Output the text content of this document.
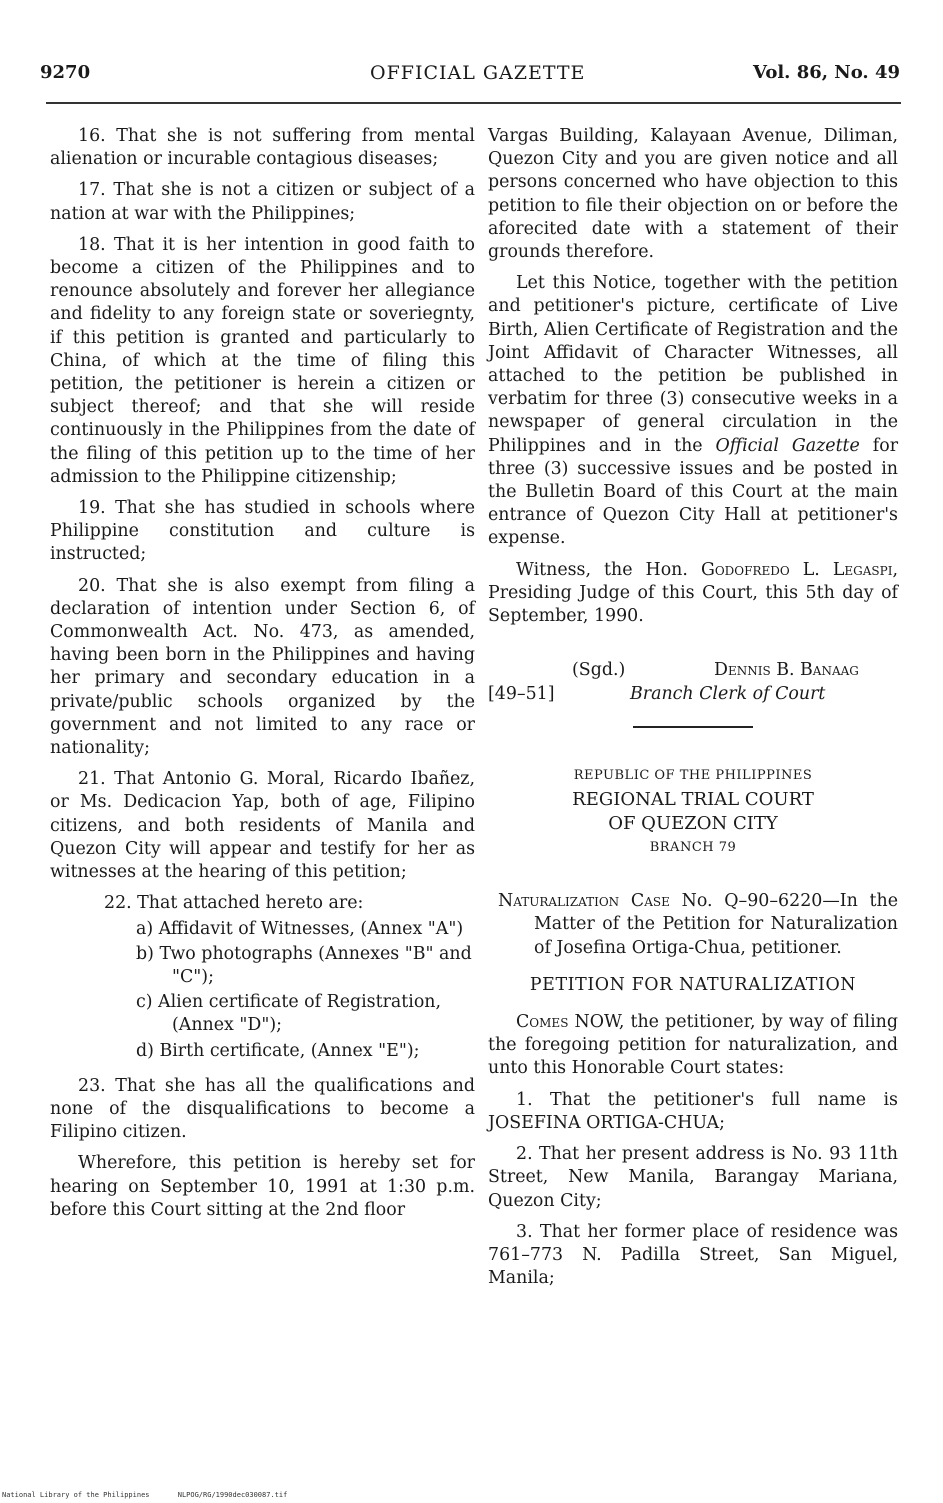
9270	OFFICIAL GAZETTE	Vol. 86, No. 49

16. That she is not suffering from mental alienation or incurable contagious diseases;

17. That she is not a citizen or subject of a nation at war with the Philippines;

18. That it is her intention in good faith to become a citizen of the Philippines and to renounce absolutely and forever her allegiance and fidelity to any foreign state or soveriegnty, if this petition is granted and particularly to China, of which at the time of filing this petition, the petitioner is herein a citizen or subject thereof; and that she will reside continuously in the Philippines from the date of the filing of this petition up to the time of her admission to the Philippine citizenship;

19. That she has studied in schools where Philippine constitution and culture is instructed;

20. That she is also exempt from filing a declaration of intention under Section 6, of Commonwealth Act. No. 473, as amended, having been born in the Philippines and having her primary and secondary education in a private/public schools organized by the government and not limited to any race or nationality;

21. That Antonio G. Moral, Ricardo Ibañez, or Ms. Dedicacion Yap, both of age, Filipino citizens, and both residents of Manila and Quezon City will appear and testify for her as witnesses at the hearing of this petition;

22. That attached hereto are:

a) Affidavit of Witnesses, (Annex "A")

b) Two photographs (Annexes "B" and "C");

c) Alien certificate of Registration, (Annex "D");

d) Birth certificate, (Annex "E");

23. That she has all the qualifications and none of the disqualifications to become a Filipino citizen.

Wherefore, this petition is hereby set for hearing on September 10, 1991 at 1:30 p.m. before this Court sitting at the 2nd floor

Vargas Building, Kalayaan Avenue, Diliman, Quezon City and you are given notice and all persons concerned who have objection to this petition to file their objection on or before the aforecited date with a statement of their grounds therefore.

Let this Notice, together with the petition and petitioner's picture, certificate of Live Birth, Alien Certificate of Registration and the Joint Affidavit of Character Witnesses, all attached to the petition be published in verbatim for three (3) consecutive weeks in a newspaper of general circulation in the Philippines and in the Official Gazette for three (3) successive issues and be posted in the Bulletin Board of this Court at the main entrance of Quezon City Hall at petitioner's expense.

Witness, the Hon. Godofredo L. Legaspi, Presiding Judge of this Court, this 5th day of September, 1990.

(Sgd.)	Dennis B. Banaag
[49–51]	Branch Clerk of Court
REPUBLIC OF THE PHILIPPINES
REGIONAL TRIAL COURT
OF QUEZON CITY
BRANCH 79

Naturalization Case No. Q–90–6220—In the Matter of the Petition for Naturalization of Josefina Ortiga-Chua, petitioner.

PETITION FOR NATURALIZATION

Comes NOW, the petitioner, by way of filing the foregoing petition for naturalization, and unto this Honorable Court states:

1. That the petitioner's full name is JOSEFINA ORTIGA-CHUA;

2. That her present address is No. 93 11th Street, New Manila, Barangay Mariana, Quezon City;

3. That her former place of residence was 761–773 N. Padilla Street, San Miguel, Manila;

National Library of the Philippines	NLPOG/RG/1990dec030087.tif
